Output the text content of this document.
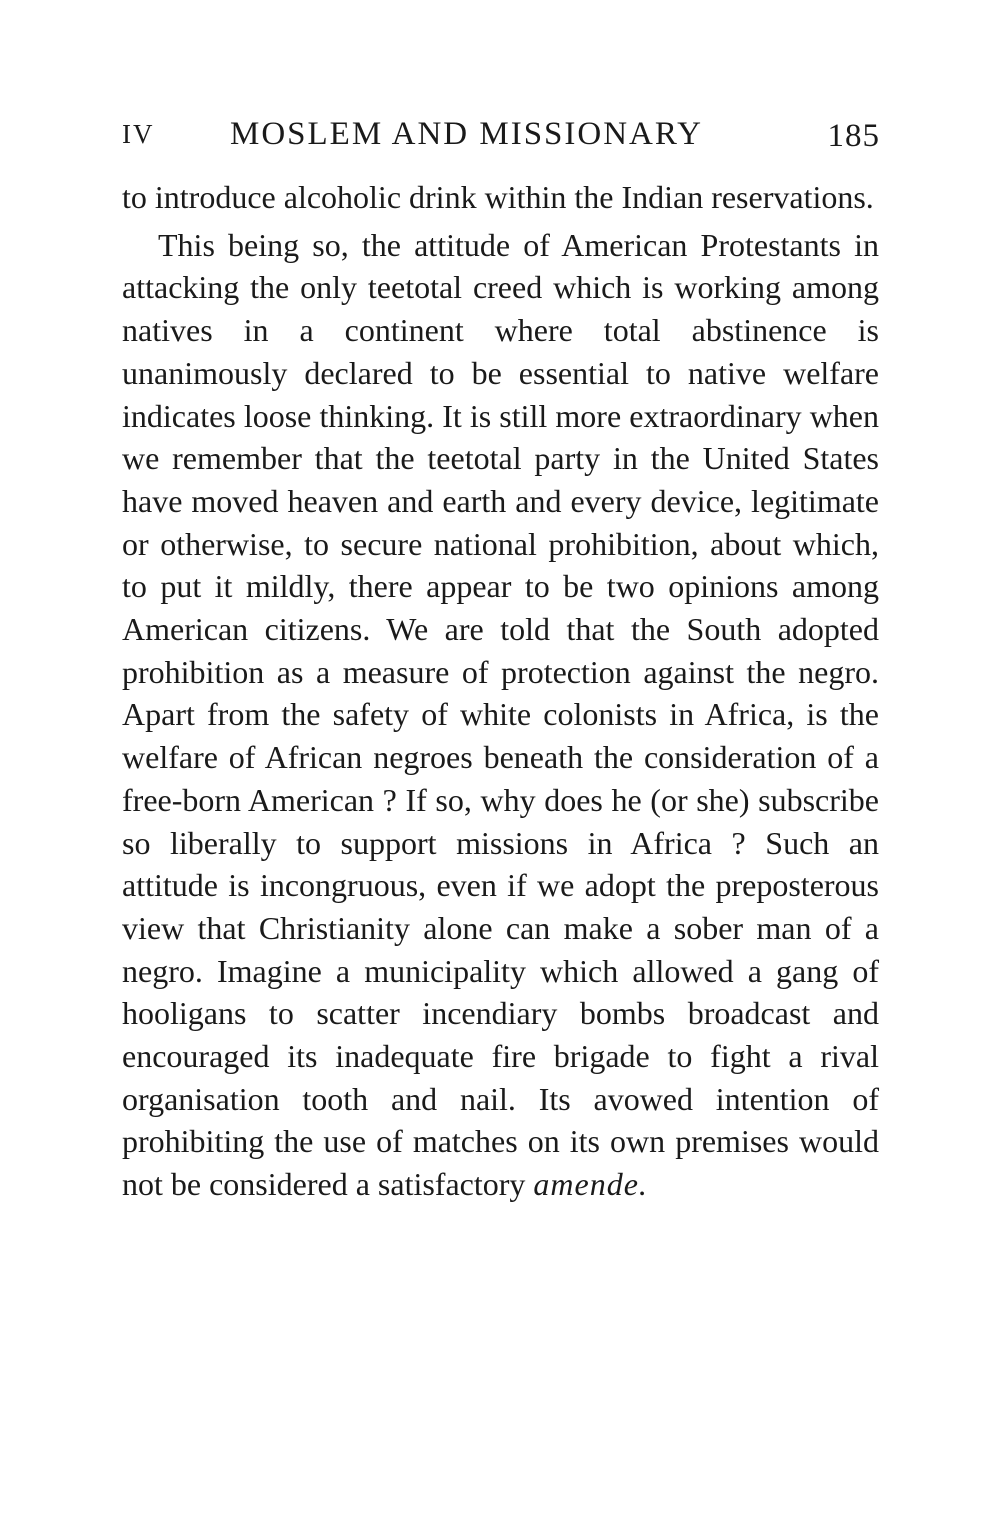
IV MOSLEM AND MISSIONARY	185

to introduce alcoholic drink within the Indian reservations.

This being so, the attitude of American Protestants in attacking the only teetotal creed which is working among natives in a continent where total abstinence is unanimously declared to be essential to native welfare indicates loose thinking. It is still more extraordinary when we remember that the teetotal party in the United States have moved heaven and earth and every device, legitimate or otherwise, to secure national prohibition, about which, to put it mildly, there appear to be two opinions among American citizens. We are told that the South adopted prohibition as a measure of protection against the negro. Apart from the safety of white colonists in Africa, is the welfare of African negroes beneath the consideration of a free-born American ? If so, why does he (or she) subscribe so liberally to support missions in Africa ? Such an attitude is incongruous, even if we adopt the preposterous view that Christianity alone can make a sober man of a negro. Imagine a municipality which allowed a gang of hooligans to scatter incendiary bombs broadcast and encouraged its inadequate fire brigade to fight a rival organisation tooth and nail. Its avowed intention of prohibiting the use of matches on its own premises would not be considered a satisfactory amende.
